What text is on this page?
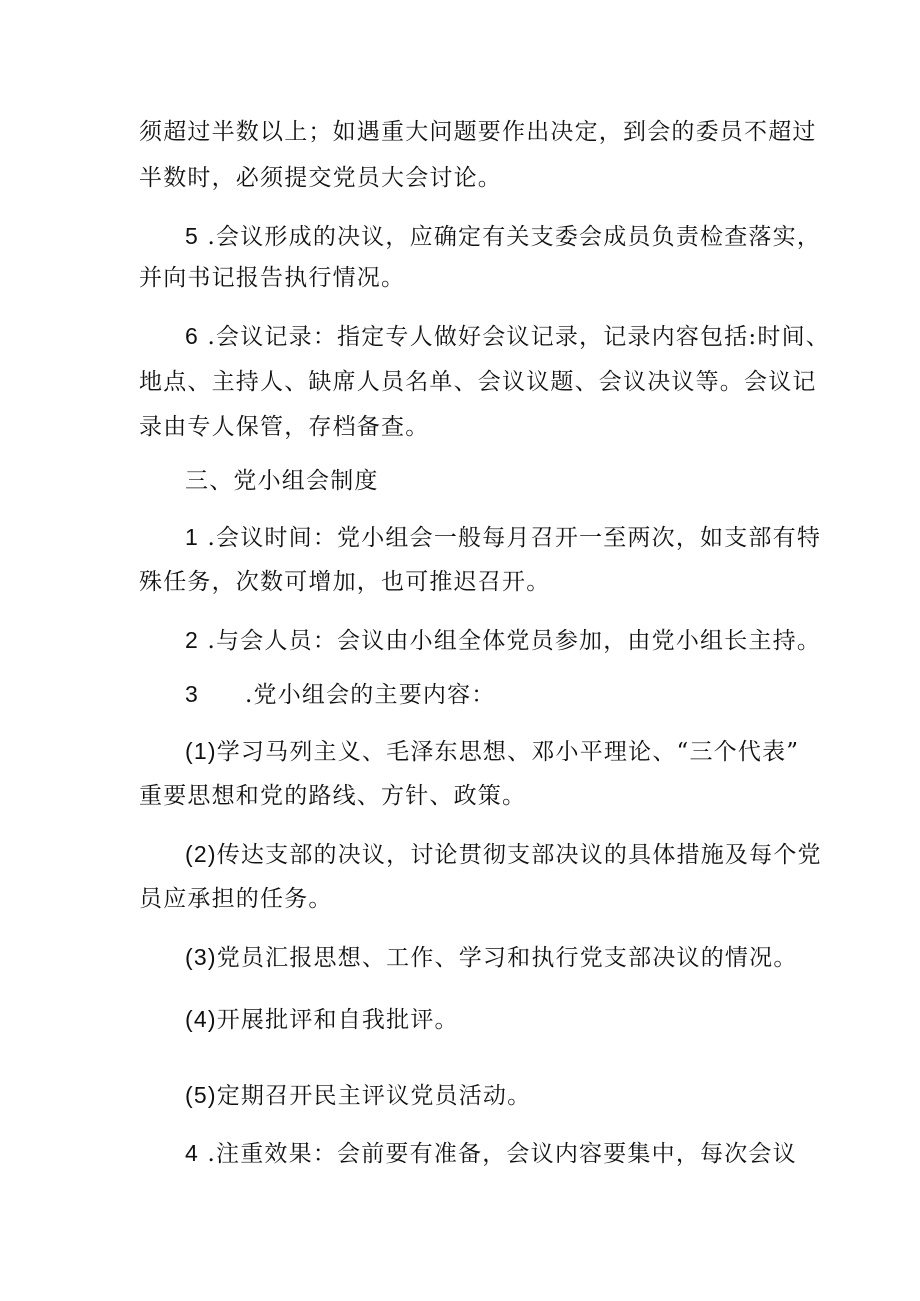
须超过半数以上；如遇重大问题要作出决定，到会的委员不超过
半数时，必须提交党员大会讨论。
5 .会议形成的决议，应确定有关支委会成员负责检查落实，
并向书记报告执行情况。
6 .会议记录：指定专人做好会议记录，记录内容包括:时间、
地点、主持人、缺席人员名单、会议议题、会议决议等。会议记
录由专人保管，存档备查。
三、党小组会制度
1 .会议时间：党小组会一般每月召开一至两次，如支部有特
殊任务，次数可增加，也可推迟召开。
2 .与会人员：会议由小组全体党员参加，由党小组长主持。
3 .党小组会的主要内容：
(1)学习马列主义、毛泽东思想、邓小平理论、“三个代表”
重要思想和党的路线、方针、政策。
(2)传达支部的决议，讨论贯彻支部决议的具体措施及每个党
员应承担的任务。
(3)党员汇报思想、工作、学习和执行党支部决议的情况。
(4)开展批评和自我批评。
(5)定期召开民主评议党员活动。
4 .注重效果：会前要有准备，会议内容要集中，每次会议
